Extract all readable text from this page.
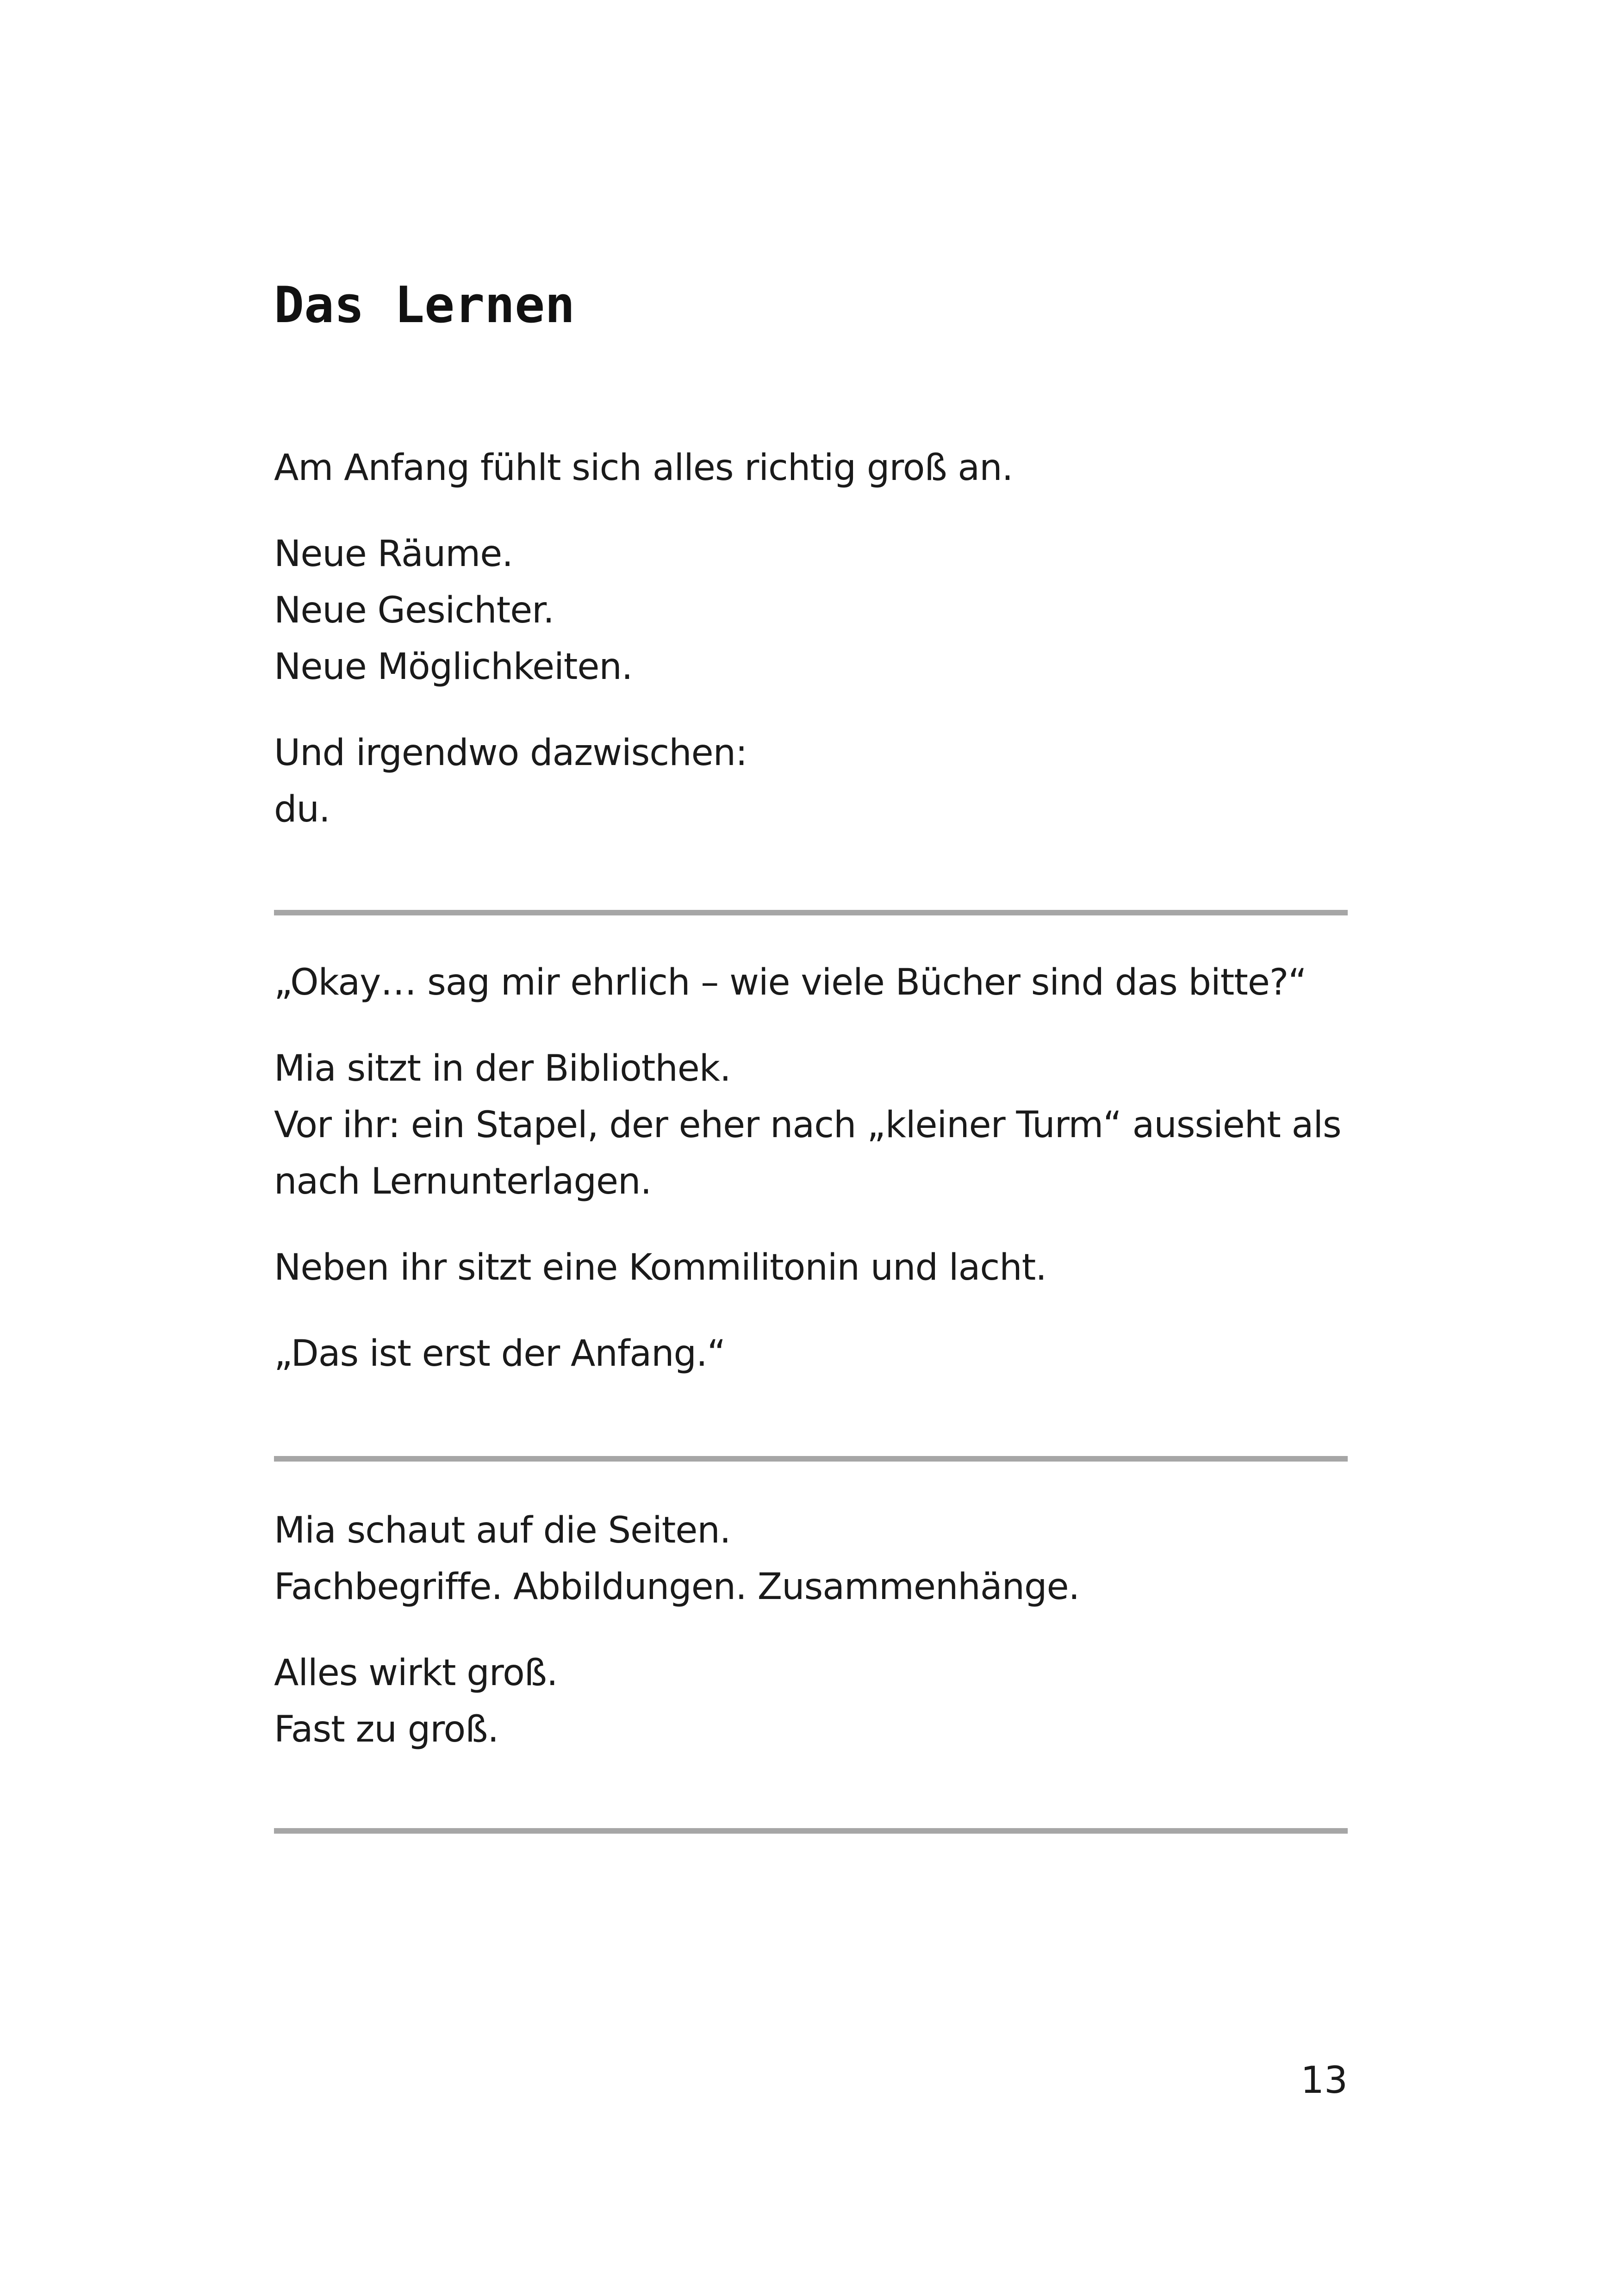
Das Lernen

Am Anfang fühlt sich alles richtig groß an.

Neue Räume.
Neue Gesichter.
Neue Möglichkeiten.

Und irgendwo dazwischen:
du.

„Okay… sag mir ehrlich – wie viele Bücher sind das bitte?“

Mia sitzt in der Bibliothek.
Vor ihr: ein Stapel, der eher nach „kleiner Turm“ aussieht als nach Lernunterlagen.

Neben ihr sitzt eine Kommilitonin und lacht.

„Das ist erst der Anfang.“

Mia schaut auf die Seiten.
Fachbegriffe. Abbildungen. Zusammenhänge.

Alles wirkt groß.
Fast zu groß.

13
